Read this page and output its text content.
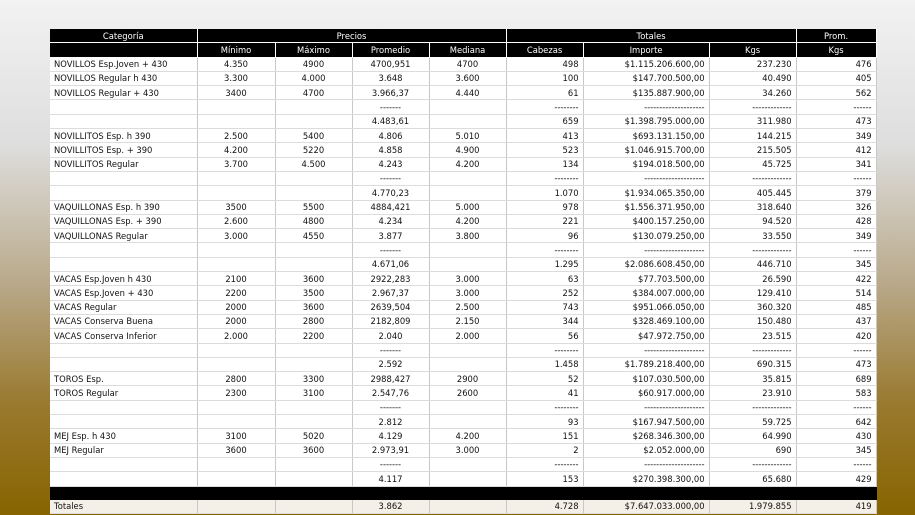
Categoría	Precios				Totales			Prom.
	Mínimo	Máximo	Promedio	Mediana	Cabezas	Importe	Kgs	Kgs
NOVILLOS Esp.Joven + 430	4.350	4900	4700,951	4700	498	$1.115.206.600,00	237.230	476
NOVILLOS Regular h 430	3.300	4.000	3.648	3.600	100	$147.700.500,00	40.490	405
NOVILLOS Regular + 430	3400	4700	3.966,37	4.440	61	$135.887.900,00	34.260	562
			-------		--------	--------------------	-------------	------
			4.483,61		659	$1.398.795.000,00	311.980	473
NOVILLITOS Esp. h 390	2.500	5400	4.806	5.010	413	$693.131.150,00	144.215	349
NOVILLITOS Esp. + 390	4.200	5220	4.858	4.900	523	$1.046.915.700,00	215.505	412
NOVILLITOS Regular	3.700	4.500	4.243	4.200	134	$194.018.500,00	45.725	341
			-------		--------	--------------------	-------------	------
			4.770,23		1.070	$1.934.065.350,00	405.445	379
VAQUILLONAS Esp. h 390	3500	5500	4884,421	5.000	978	$1.556.371.950,00	318.640	326
VAQUILLONAS Esp. + 390	2.600	4800	4.234	4.200	221	$400.157.250,00	94.520	428
VAQUILLONAS Regular	3.000	4550	3.877	3.800	96	$130.079.250,00	33.550	349
			-------		--------	--------------------	-------------	------
			4.671,06		1.295	$2.086.608.450,00	446.710	345
VACAS Esp.Joven h 430	2100	3600	2922,283	3.000	63	$77.703.500,00	26.590	422
VACAS Esp.Joven + 430	2200	3500	2.967,37	3.000	252	$384.007.000,00	129.410	514
VACAS Regular	2000	3600	2639,504	2.500	743	$951.066.050,00	360.320	485
VACAS Conserva Buena	2000	2800	2182,809	2.150	344	$328.469.100,00	150.480	437
VACAS Conserva Inferior	2.000	2200	2.040	2.000	56	$47.972.750,00	23.515	420
			-------		--------	--------------------	-------------	------
			2.592		1.458	$1.789.218.400,00	690.315	473
TOROS Esp.	2800	3300	2988,427	2900	52	$107.030.500,00	35.815	689
TOROS Regular	2300	3100	2.547,76	2600	41	$60.917.000,00	23.910	583
			-------		--------	--------------------	-------------	------
			2.812		93	$167.947.500,00	59.725	642
MEJ Esp. h 430	3100	5020	4.129	4.200	151	$268.346.300,00	64.990	430
MEJ Regular	3600	3600	2.973,91	3.000	2	$2.052.000,00	690	345
			-------		--------	--------------------	-------------	------
			4.117		153	$270.398.300,00	65.680	429

Totales			3.862		4.728	$7.647.033.000,00	1.979.855	419
